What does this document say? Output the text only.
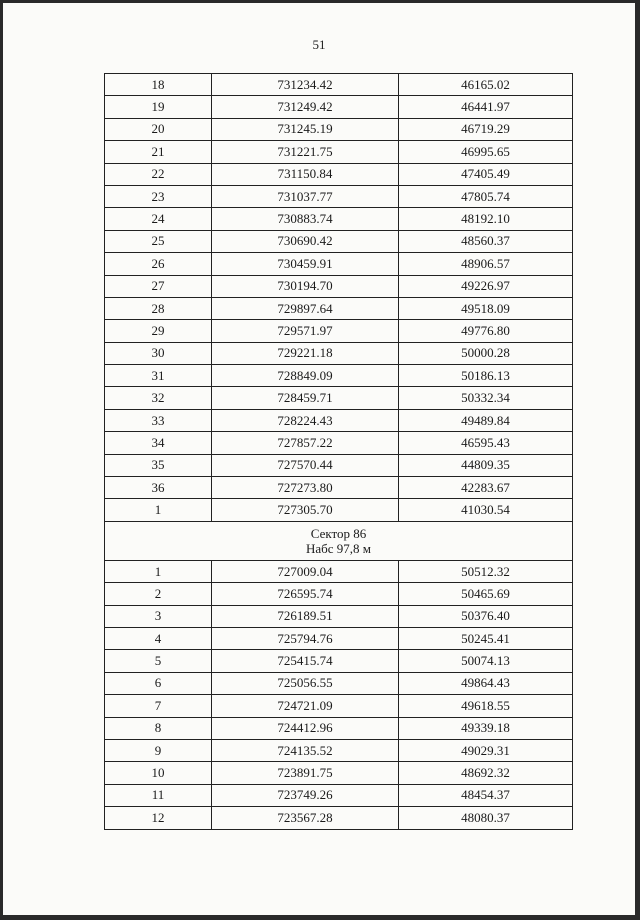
51
18	731234.42	46165.02
19	731249.42	46441.97
20	731245.19	46719.29
21	731221.75	46995.65
22	731150.84	47405.49
23	731037.77	47805.74
24	730883.74	48192.10
25	730690.42	48560.37
26	730459.91	48906.57
27	730194.70	49226.97
28	729897.64	49518.09
29	729571.97	49776.80
30	729221.18	50000.28
31	728849.09	50186.13
32	728459.71	50332.34
33	728224.43	49489.84
34	727857.22	46595.43
35	727570.44	44809.35
36	727273.80	42283.67
1	727305.70	41030.54

Сектор 86
Набс 97,8 м		

1	727009.04	50512.32
2	726595.74	50465.69
3	726189.51	50376.40
4	725794.76	50245.41
5	725415.74	50074.13
6	725056.55	49864.43
7	724721.09	49618.55
8	724412.96	49339.18
9	724135.52	49029.31
10	723891.75	48692.32
11	723749.26	48454.37
12	723567.28	48080.37
